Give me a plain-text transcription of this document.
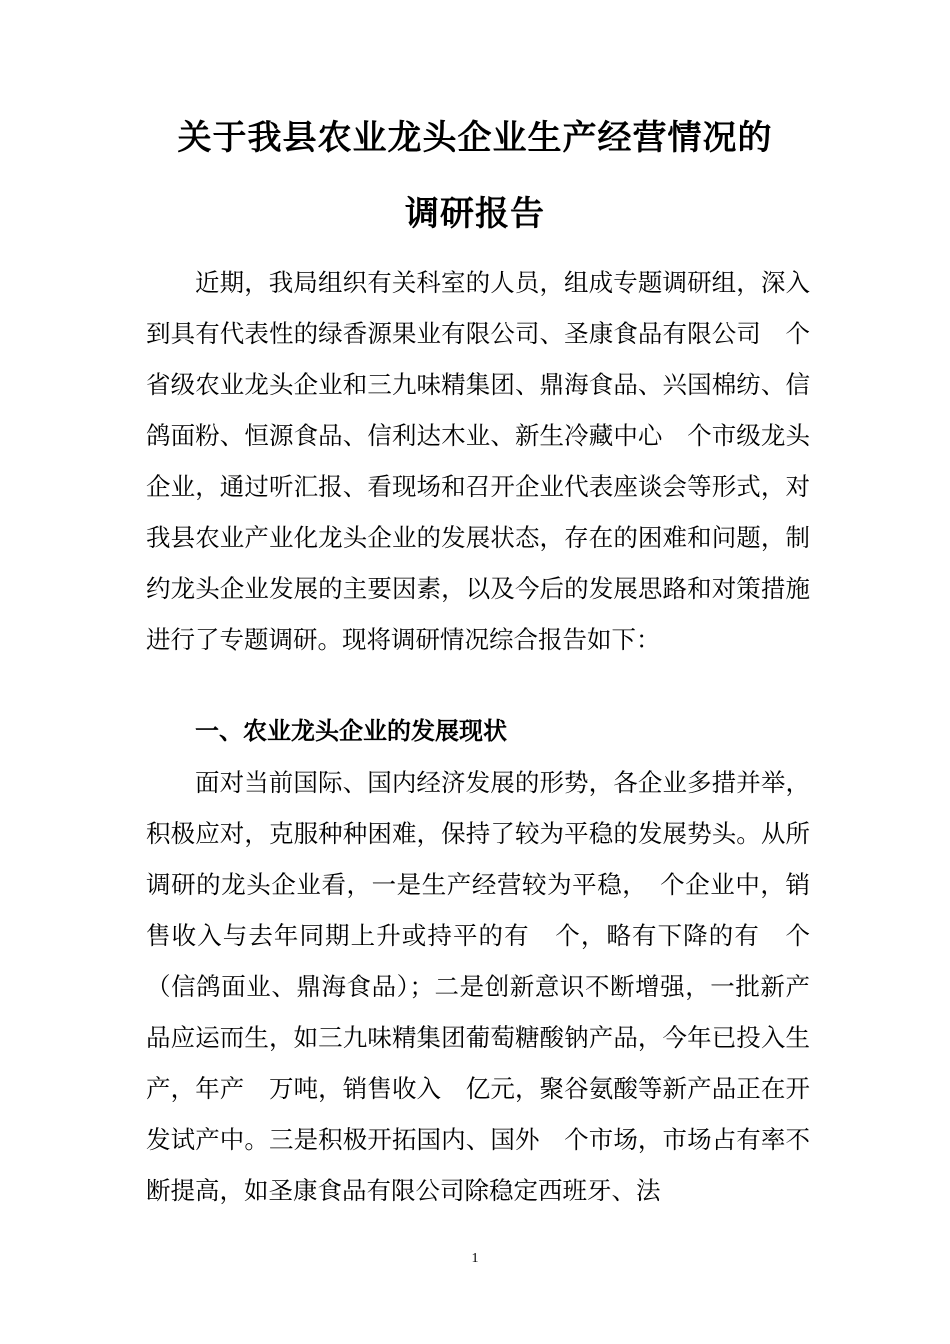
关于我县农业龙头企业生产经营情况的
调研报告

近期，我局组织有关科室的人员，组成专题调研组，深入到具有代表性的绿香源果业有限公司、圣康食品有限公司　个省级农业龙头企业和三九味精集团、鼎海食品、兴国棉纺、信鸽面粉、恒源食品、信利达木业、新生冷藏中心　个市级龙头企业，通过听汇报、看现场和召开企业代表座谈会等形式，对我县农业产业化龙头企业的发展状态，存在的困难和问题，制约龙头企业发展的主要因素，以及今后的发展思路和对策措施进行了专题调研。现将调研情况综合报告如下：

一、农业龙头企业的发展现状

面对当前国际、国内经济发展的形势，各企业多措并举，积极应对，克服种种困难，保持了较为平稳的发展势头。从所调研的龙头企业看，一是生产经营较为平稳，　个企业中，销售收入与去年同期上升或持平的有　个，略有下降的有　个（信鸽面业、鼎海食品）；二是创新意识不断增强，一批新产品应运而生，如三九味精集团葡萄糖酸钠产品，今年已投入生产，年产　万吨，销售收入　亿元，聚谷氨酸等新产品正在开发试产中。三是积极开拓国内、国外　个市场，市场占有率不断提高，如圣康食品有限公司除稳定西班牙、法

1
